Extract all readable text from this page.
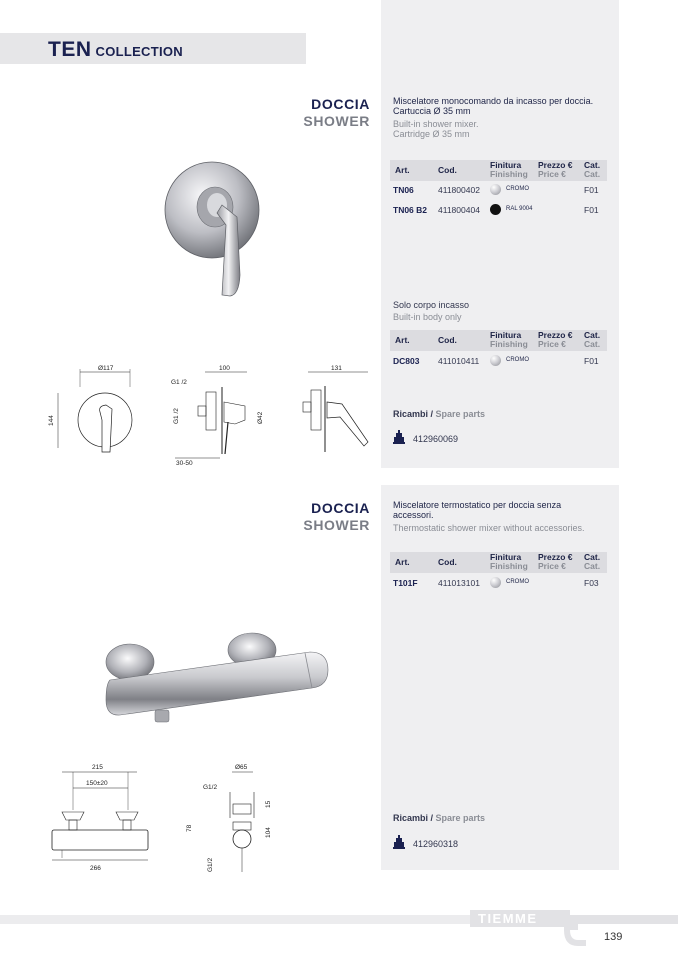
TEN COLLECTION
DOCCIA
SHOWER
Miscelatore monocomando da incasso per doccia.
Cartuccia Ø 35 mm
Built-in shower mixer.
Cartridge Ø 35 mm
Art.	Cod.	Finitura
Finishing
Prezzo €
Price €
Cat.
Cat.
TN06	411800402	CROMO	F01
TN06 B2 411800404	RAL 9004	F01
Solo corpo incasso
Built-in body only
Art.	Cod.	Finitura
Finishing
Prezzo €
Price €
Cat.
Cat.
DC803 411010411	CROMO	F01
Ricambi / Spare parts
412960069
Ø117
144
100
G1 /2
G1 /2	Ø42
30-50
131
DOCCIA
SHOWER
Miscelatore termostatico per doccia senza
accessori.
Thermostatic shower mixer without accessories.
Art.	Cod.	Finitura
Finishing
Prezzo €
Price €
Cat.
Cat.
T101F 411013101	CROMO	F03
Ricambi / Spare parts
412960318
215
150±20
266
Ø65
G1/2
78
15
104
G1/2
TIEMME
139
